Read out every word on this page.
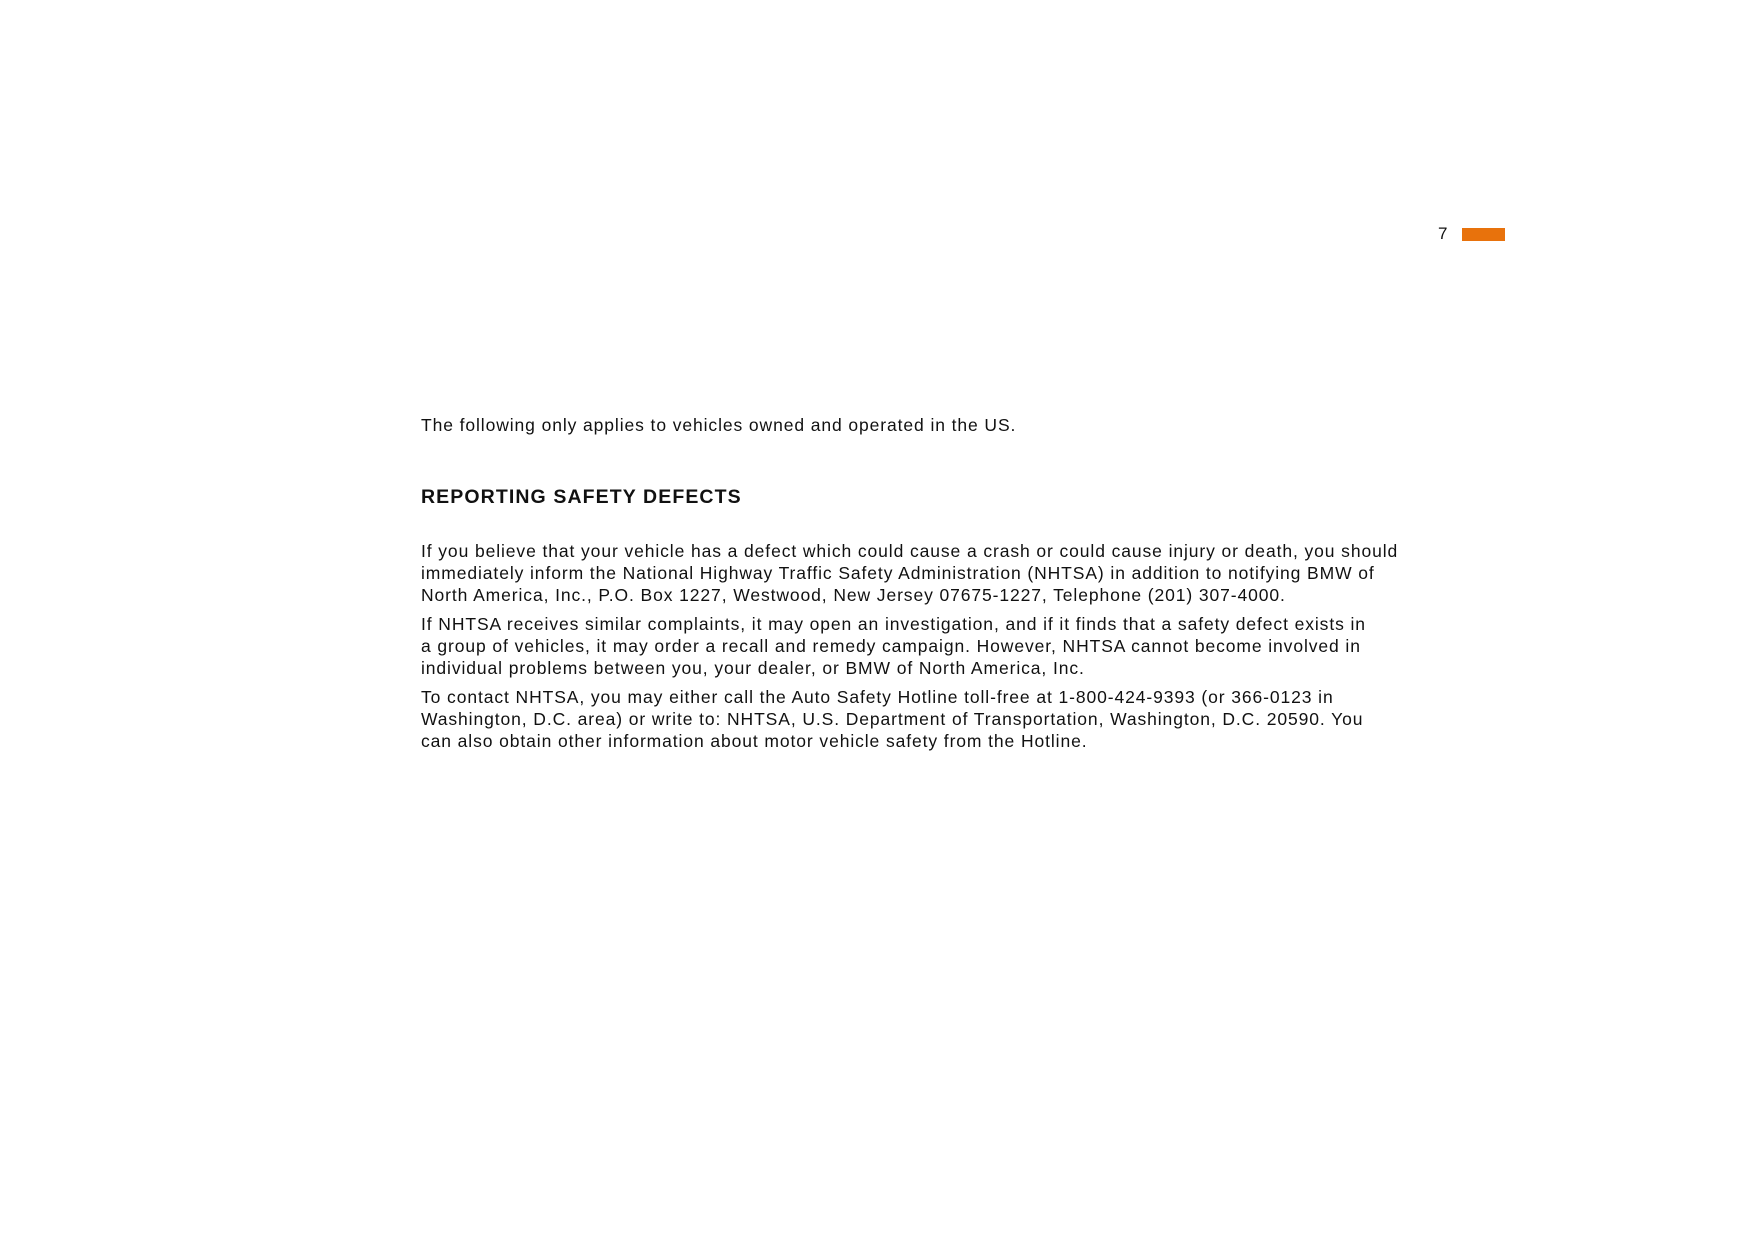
7

The following only applies to vehicles owned and operated in the US.

REPORTING SAFETY DEFECTS

If you believe that your vehicle has a defect which could cause a crash or could cause injury or death, you should
immediately inform the National Highway Traffic Safety Administration (NHTSA) in addition to notifying BMW of
North America, Inc., P.O. Box 1227, Westwood, New Jersey 07675-1227, Telephone (201) 307-4000.

If NHTSA receives similar complaints, it may open an investigation, and if it finds that a safety defect exists in
a group of vehicles, it may order a recall and remedy campaign. However, NHTSA cannot become involved in
individual problems between you, your dealer, or BMW of North America, Inc.

To contact NHTSA, you may either call the Auto Safety Hotline toll-free at 1-800-424-9393 (or 366-0123 in
Washington, D.C. area) or write to: NHTSA, U.S. Department of Transportation, Washington, D.C. 20590. You
can also obtain other information about motor vehicle safety from the Hotline.
